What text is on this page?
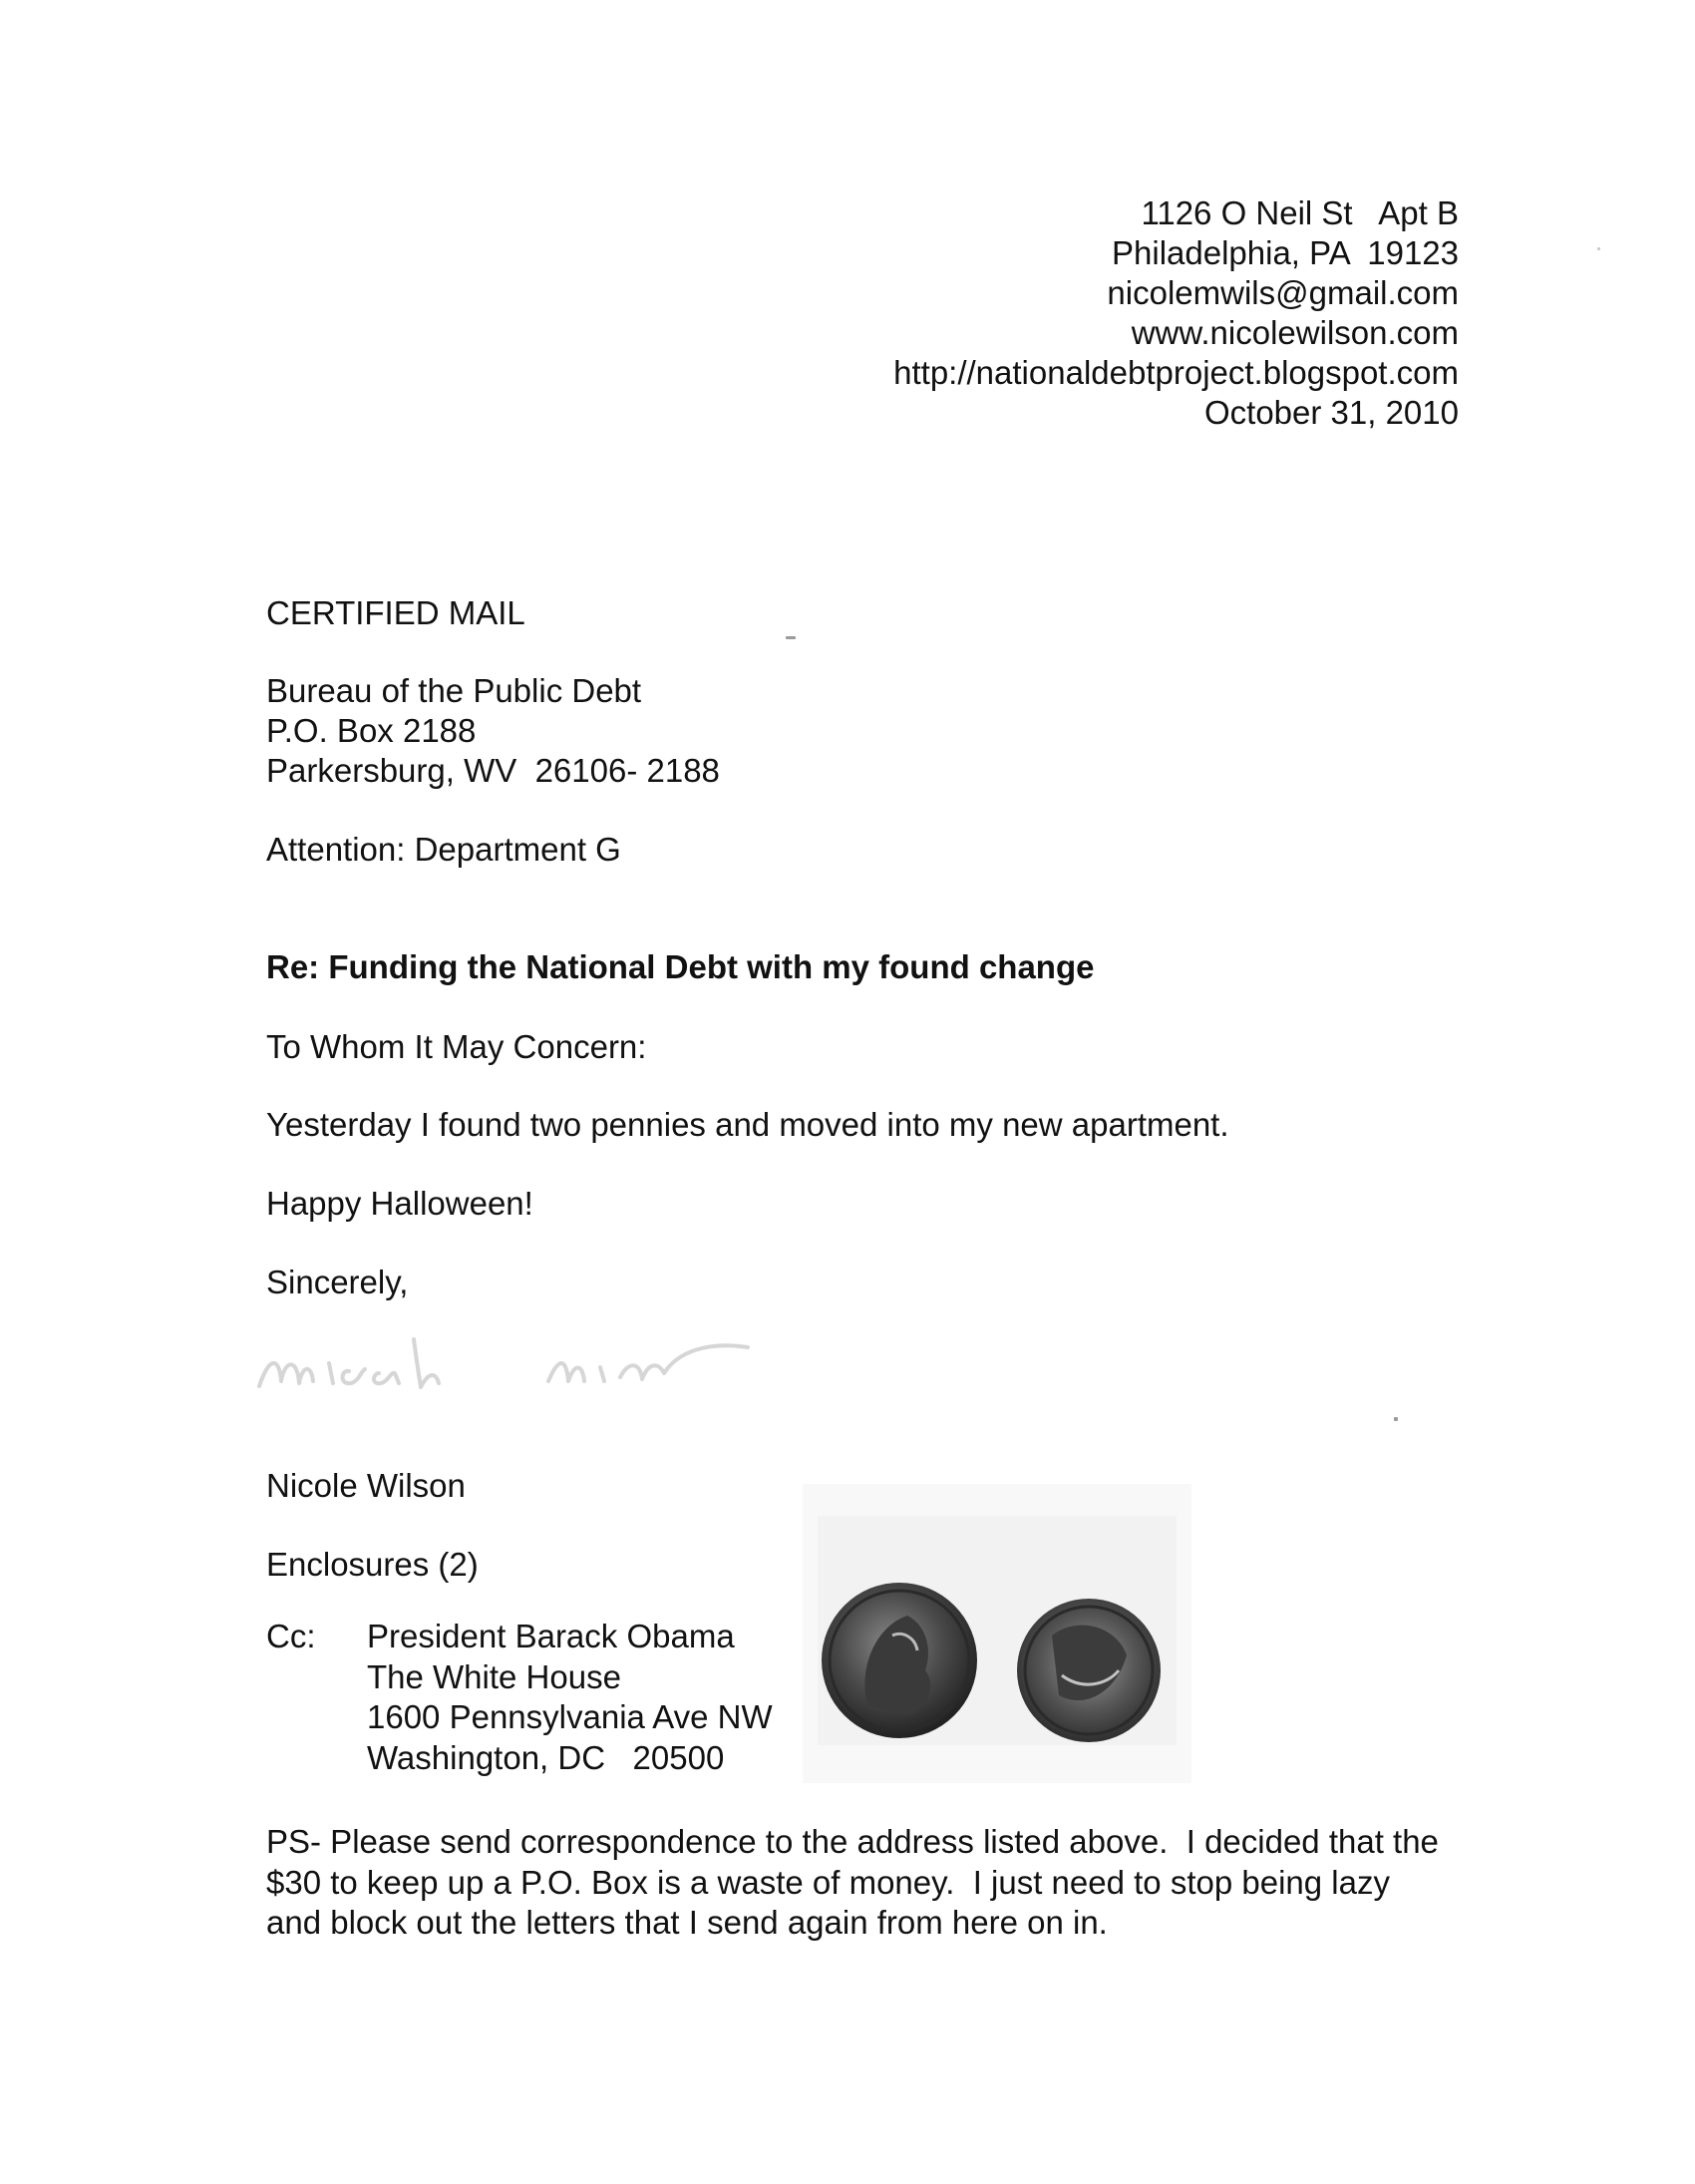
1126 O Neil St   Apt B
Philadelphia, PA  19123
nicolemwils@gmail.com
www.nicolewilson.com
http://nationaldebtproject.blogspot.com
October 31, 2010
CERTIFIED MAIL
Bureau of the Public Debt
P.O. Box 2188
Parkersburg, WV  26106- 2188
Attention: Department G
Re: Funding the National Debt with my found change
To Whom It May Concern:
Yesterday I found two pennies and moved into my new apartment.
Happy Halloween!
Sincerely,
Nicole Wilson
Enclosures (2)
Cc: President Barack Obama
The White House
1600 Pennsylvania Ave NW
Washington, DC   20500
PS- Please send correspondence to the address listed above.  I decided that the
$30 to keep up a P.O. Box is a waste of money.  I just need to stop being lazy
and block out the letters that I send again from here on in.
